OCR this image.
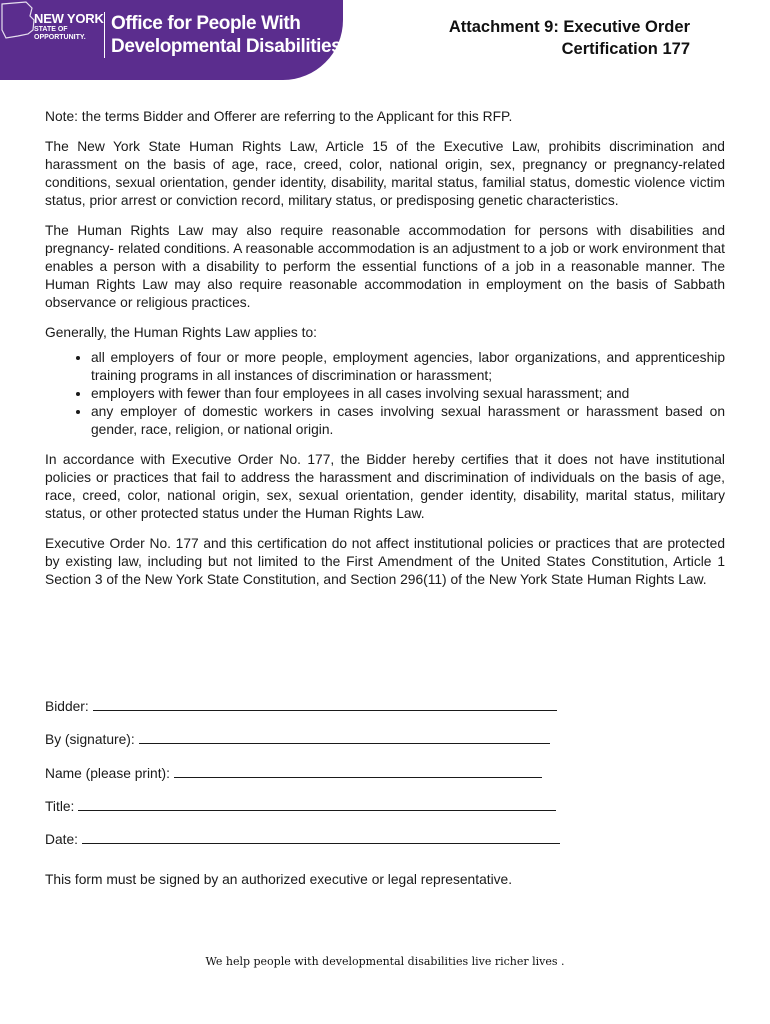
NEW YORK
STATE OF
OPPORTUNITY.
Office for People With
Developmental Disabilities
Attachment 9: Executive Order
Certification 177

Note: the terms Bidder and Offerer are referring to the Applicant for this RFP.

The New York State Human Rights Law, Article 15 of the Executive Law, prohibits discrimination and harassment on the basis of age, race, creed, color, national origin, sex, pregnancy or pregnancy-related conditions, sexual orientation, gender identity, disability, marital status, familial status, domestic violence victim status, prior arrest or conviction record, military status, or predisposing genetic characteristics.

The Human Rights Law may also require reasonable accommodation for persons with disabilities and pregnancy- related conditions. A reasonable accommodation is an adjustment to a job or work environment that enables a person with a disability to perform the essential functions of a job in a reasonable manner. The Human Rights Law may also require reasonable accommodation in employment on the basis of Sabbath observance or religious practices.

Generally, the Human Rights Law applies to:

• all employers of four or more people, employment agencies, labor organizations, and apprenticeship training programs in all instances of discrimination or harassment;
• employers with fewer than four employees in all cases involving sexual harassment; and
• any employer of domestic workers in cases involving sexual harassment or harassment based on gender, race, religion, or national origin.

In accordance with Executive Order No. 177, the Bidder hereby certifies that it does not have institutional policies or practices that fail to address the harassment and discrimination of individuals on the basis of age, race, creed, color, national origin, sex, sexual orientation, gender identity, disability, marital status, military status, or other protected status under the Human Rights Law.

Executive Order No. 177 and this certification do not affect institutional policies or practices that are protected by existing law, including but not limited to the First Amendment of the United States Constitution, Article 1 Section 3 of the New York State Constitution, and Section 296(11) of the New York State Human Rights Law.

Bidder:
By (signature):
Name (please print):
Title:
Date:
This form must be signed by an authorized executive or legal representative.
We help people with developmental disabilities live richer lives .
